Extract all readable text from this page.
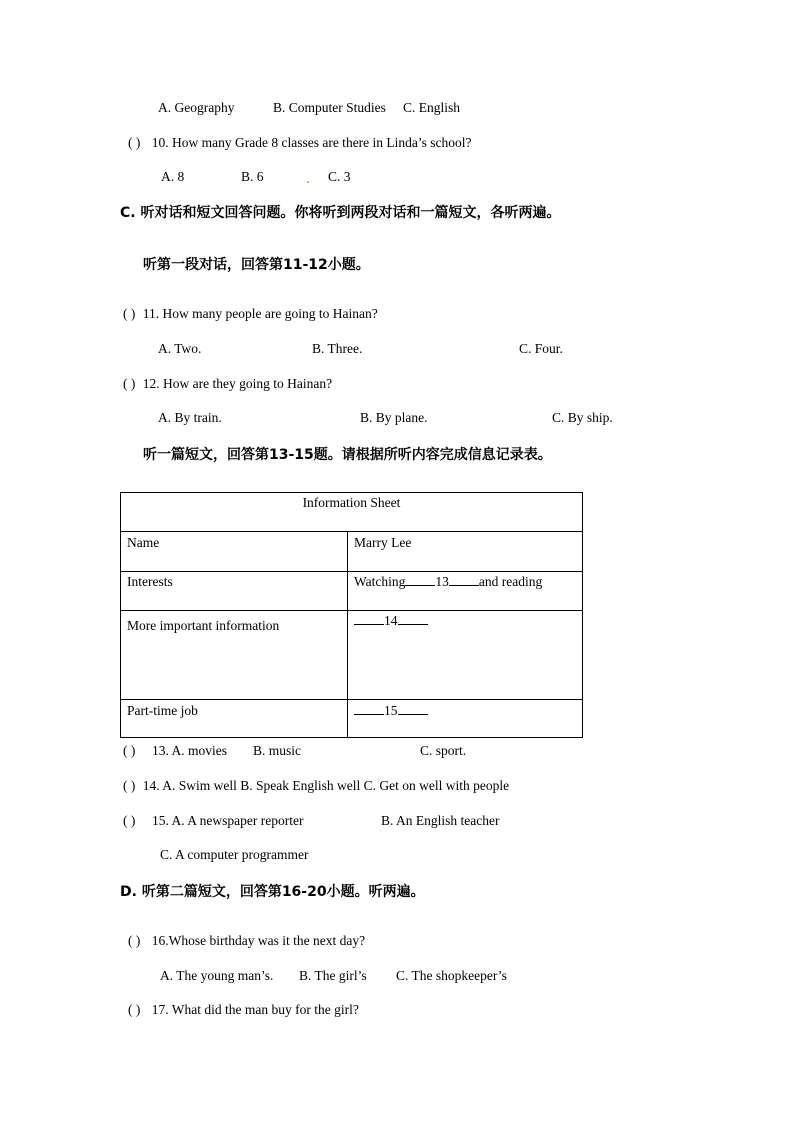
A. Geography	B. Computer Studies C. English
( ) 10. How many Grade 8 classes are there in Linda’s school?
A. 8	B. 6	C. 3
C. 听对话和短文回答问题。你将听到两段对话和一篇短文，各听两遍。
听第一段对话，回答第11-12小题。
( ) 11. How many people are going to Hainan?
A. Two.	B. Three.	C. Four.
( ) 12. How are they going to Hainan?
A. By train.	B. By plane.	C. By ship.
听一篇短文，回答第13-15题。请根据所听内容完成信息记录表。
Information Sheet
Name	Marry Lee
Interests	Watching 13 and reading
More important information	14
Part-time job	15
( ) 13. A. movies B. music	C. sport.
( ) 14. A. Swim well B. Speak English well C. Get on well with people
( ) 15. A. A newspaper reporter	B. An English teacher
C. A computer programmer
D. 听第二篇短文，回答第16-20小题。听两遍。
( ) 16.Whose birthday was it the next day?
A. The young man’s. B. The girl’s C. The shopkeeper’s
( ) 17. What did the man buy for the girl?
